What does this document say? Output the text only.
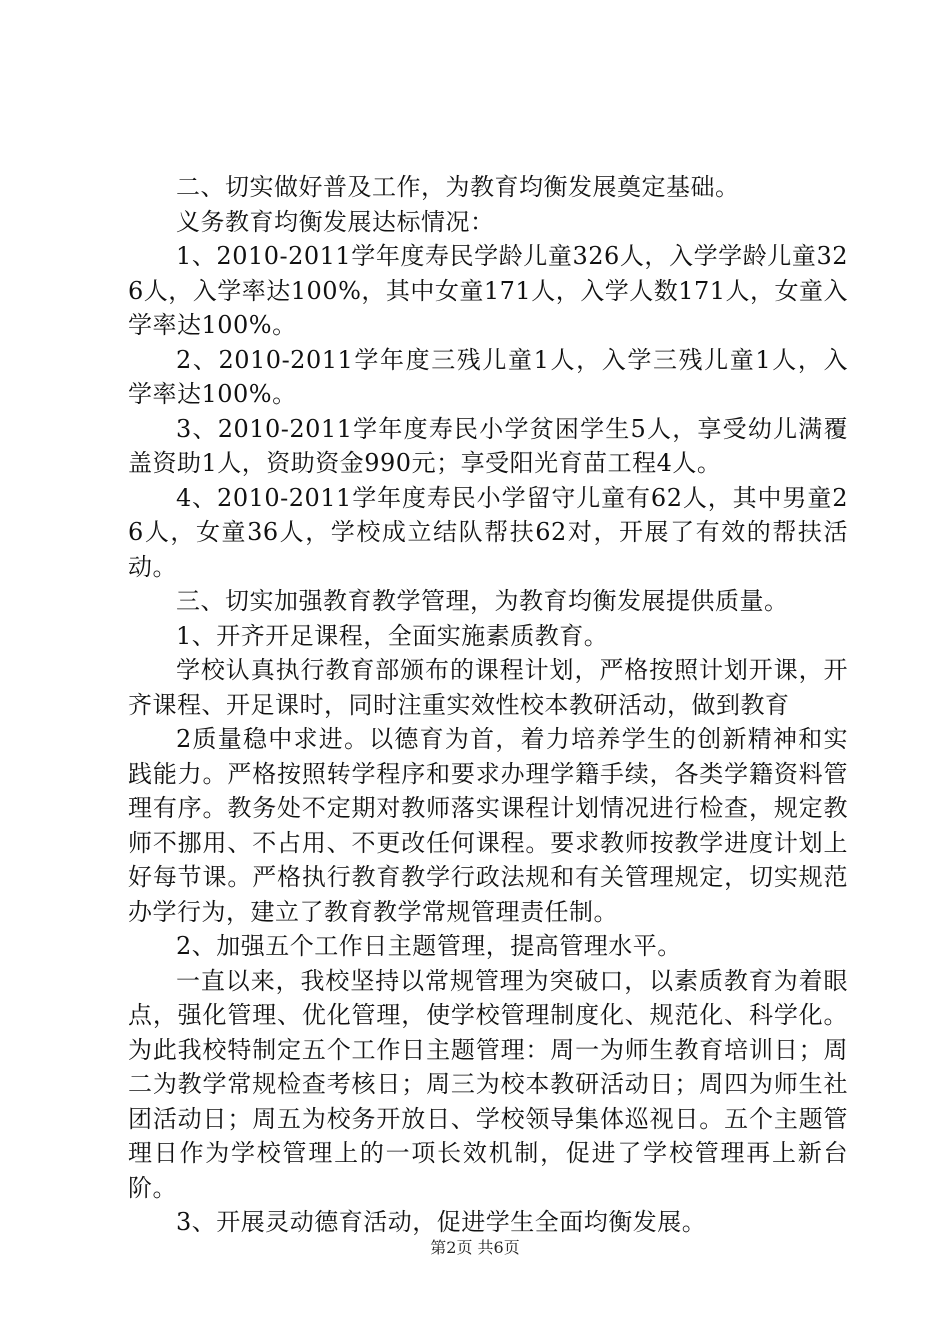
二、切实做好普及工作，为教育均衡发展奠定基础。

义务教育均衡发展达标情况：

1、2010-2011学年度寿民学龄儿童326人，入学学龄儿童326人，入学率达100%，其中女童171人，入学人数171人，女童入学率达100%。

2、2010-2011学年度三残儿童1人，入学三残儿童1人，入学率达100%。

3、2010-2011学年度寿民小学贫困学生5人，享受幼儿满覆盖资助1人，资助资金990元；享受阳光育苗工程4人。

4、2010-2011学年度寿民小学留守儿童有62人，其中男童26人，女童36人，学校成立结队帮扶62对，开展了有效的帮扶活动。

三、切实加强教育教学管理，为教育均衡发展提供质量。

1、开齐开足课程，全面实施素质教育。

学校认真执行教育部颁布的课程计划，严格按照计划开课，开齐课程、开足课时，同时注重实效性校本教研活动，做到教育

2质量稳中求进。以德育为首，着力培养学生的创新精神和实践能力。严格按照转学程序和要求办理学籍手续，各类学籍资料管理有序。教务处不定期对教师落实课程计划情况进行检查，规定教师不挪用、不占用、不更改任何课程。要求教师按教学进度计划上好每节课。严格执行教育教学行政法规和有关管理规定，切实规范办学行为，建立了教育教学常规管理责任制。

2、加强五个工作日主题管理，提高管理水平。

一直以来，我校坚持以常规管理为突破口，以素质教育为着眼点，强化管理、优化管理，使学校管理制度化、规范化、科学化。为此我校特制定五个工作日主题管理：周一为师生教育培训日；周二为教学常规检查考核日；周三为校本教研活动日；周四为师生社团活动日；周五为校务开放日、学校领导集体巡视日。五个主题管理日作为学校管理上的一项长效机制，促进了学校管理再上新台阶。

3、开展灵动德育活动，促进学生全面均衡发展。

第2页 共6页
